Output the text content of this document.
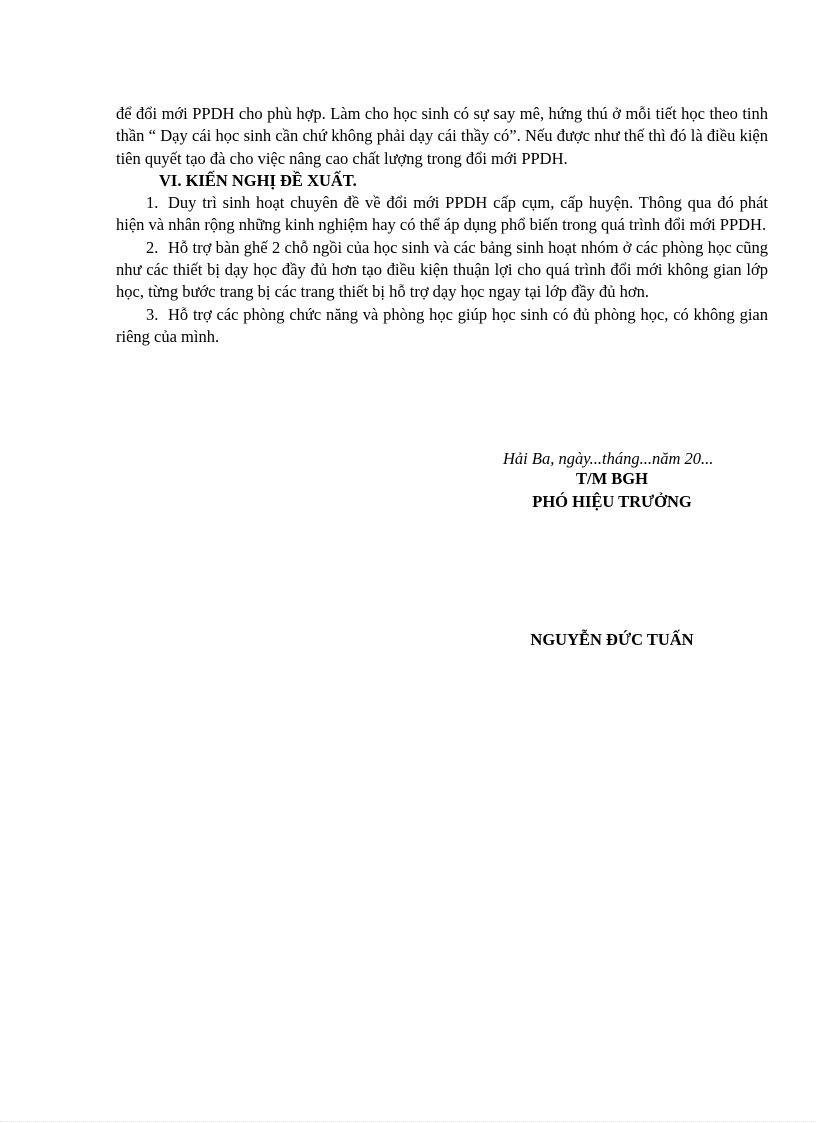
để đổi mới PPDH cho phù hợp. Làm cho học sinh có sự say mê, hứng thú ở mỗi tiết học theo tinh thần “ Dạy cái học sinh cần chứ không phải dạy cái thầy có”. Nếu được như thế thì đó là điều kiện tiên quyết tạo đà cho việc nâng cao chất lượng trong đổi mới PPDH.

VI. KIẾN NGHỊ ĐỀ XUẤT.

1. Duy trì sinh hoạt chuyên đề về đổi mới PPDH cấp cụm, cấp huyện. Thông qua đó phát hiện và nhân rộng những kinh nghiệm hay có thể áp dụng phổ biến trong quá trình đổi mới PPDH.

2. Hỗ trợ bàn ghế 2 chỗ ngồi của học sinh và các bảng sinh hoạt nhóm ở các phòng học cũng như các thiết bị dạy học đầy đủ hơn tạo điều kiện thuận lợi cho quá trình đổi mới không gian lớp học, từng bước trang bị các trang thiết bị hỗ trợ dạy học ngay tại lớp đầy đủ hơn.

3. Hỗ trợ các phòng chức năng và phòng học giúp học sinh có đủ phòng học, có không gian riêng của mình.

Hải Ba, ngày...tháng...năm 20...
T/M BGH
PHÓ HIỆU TRƯỞNG
NGUYỄN ĐỨC TUẤN
